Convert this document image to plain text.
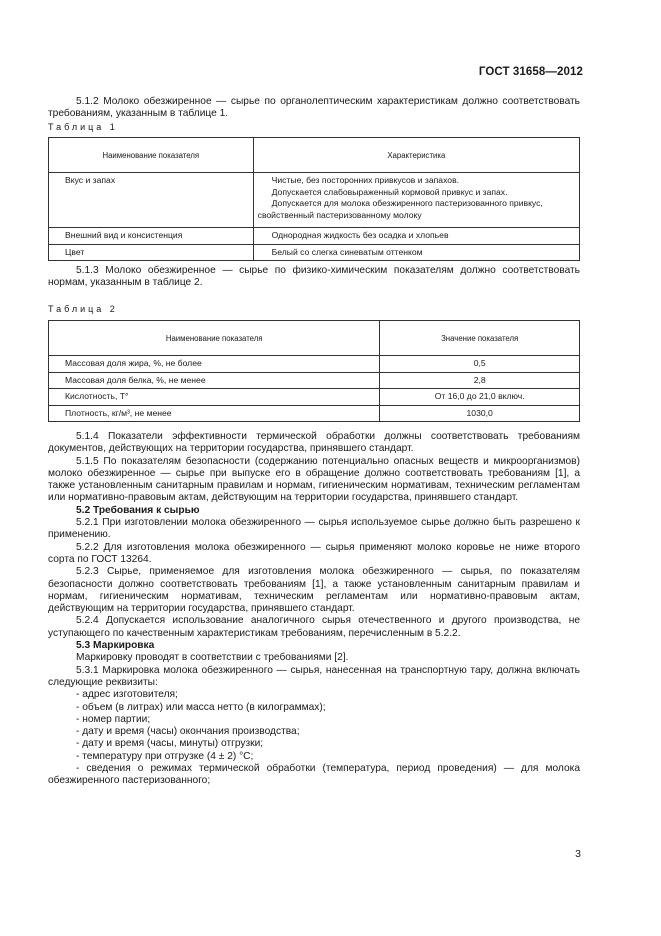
ГОСТ 31658—2012

5.1.2 Молоко обезжиренное — сырье по органолептическим характеристикам должно соответствовать требованиям, указанным в таблице 1.

Таблица 1
Наименование показателя	Характеристика
Вкус и запах	Чистые, без посторонних привкусов и запахов.
Допускается слабовыраженный кормовой привкус и запах.
Допускается для молока обезжиренного пастеризованного привкус, свойственный пастеризованному молоку

Внешний вид и консистенция	Однородная жидкость без осадка и хлопьев

Цвет	Белый со слегка синеватым оттенком

5.1.3 Молоко обезжиренное — сырье по физико-химическим показателям должно соответствовать нормам, указанным в таблице 2.

Таблица 2
Наименование показателя	Значение показателя
Массовая доля жира, %, не более	0,5
Массовая доля белка, %, не менее	2,8
Кислотность, Т°	От 16,0 до 21,0 включ.
Плотность, кг/м³, не менее	1030,0

5.1.4 Показатели эффективности термической обработки должны соответствовать требованиям документов, действующих на территории государства, принявшего стандарт.

5.1.5 По показателям безопасности (содержанию потенциально опасных веществ и микроорганизмов) молоко обезжиренное — сырье при выпуске его в обращение должно соответствовать требованиям [1], а также установленным санитарным правилам и нормам, гигиеническим нормативам, техническим регламентам или нормативно-правовым актам, действующим на территории государства, принявшего стандарт.

5.2 Требования к сырью

5.2.1 При изготовлении молока обезжиренного — сырья используемое сырье должно быть разрешено к применению.

5.2.2 Для изготовления молока обезжиренного — сырья применяют молоко коровье не ниже второго сорта по ГОСТ 13264.

5.2.3 Сырье, применяемое для изготовления молока обезжиренного — сырья, по показателям безопасности должно соответствовать требованиям [1], а также установленным санитарным правилам и нормам, гигиеническим нормативам, техническим регламентам или нормативно-правовым актам, действующим на территории государства, принявшего стандарт.

5.2.4 Допускается использование аналогичного сырья отечественного и другого производства, не уступающего по качественным характеристикам требованиям, перечисленным в 5.2.2.

5.3 Маркировка

Маркировку проводят в соответствии с требованиями [2].

5.3.1 Маркировка молока обезжиренного — сырья, нанесенная на транспортную тару, должна включать следующие реквизиты:

- адрес изготовителя;
- объем (в литрах) или масса нетто (в килограммах);
- номер партии;
- дату и время (часы) окончания производства;
- дату и время (часы, минуты) отгрузки;
- температуру при отгрузке (4 ± 2) °С;
- сведения о режимах термической обработки (температура, период проведения) — для молока обезжиренного пастеризованного;
3
